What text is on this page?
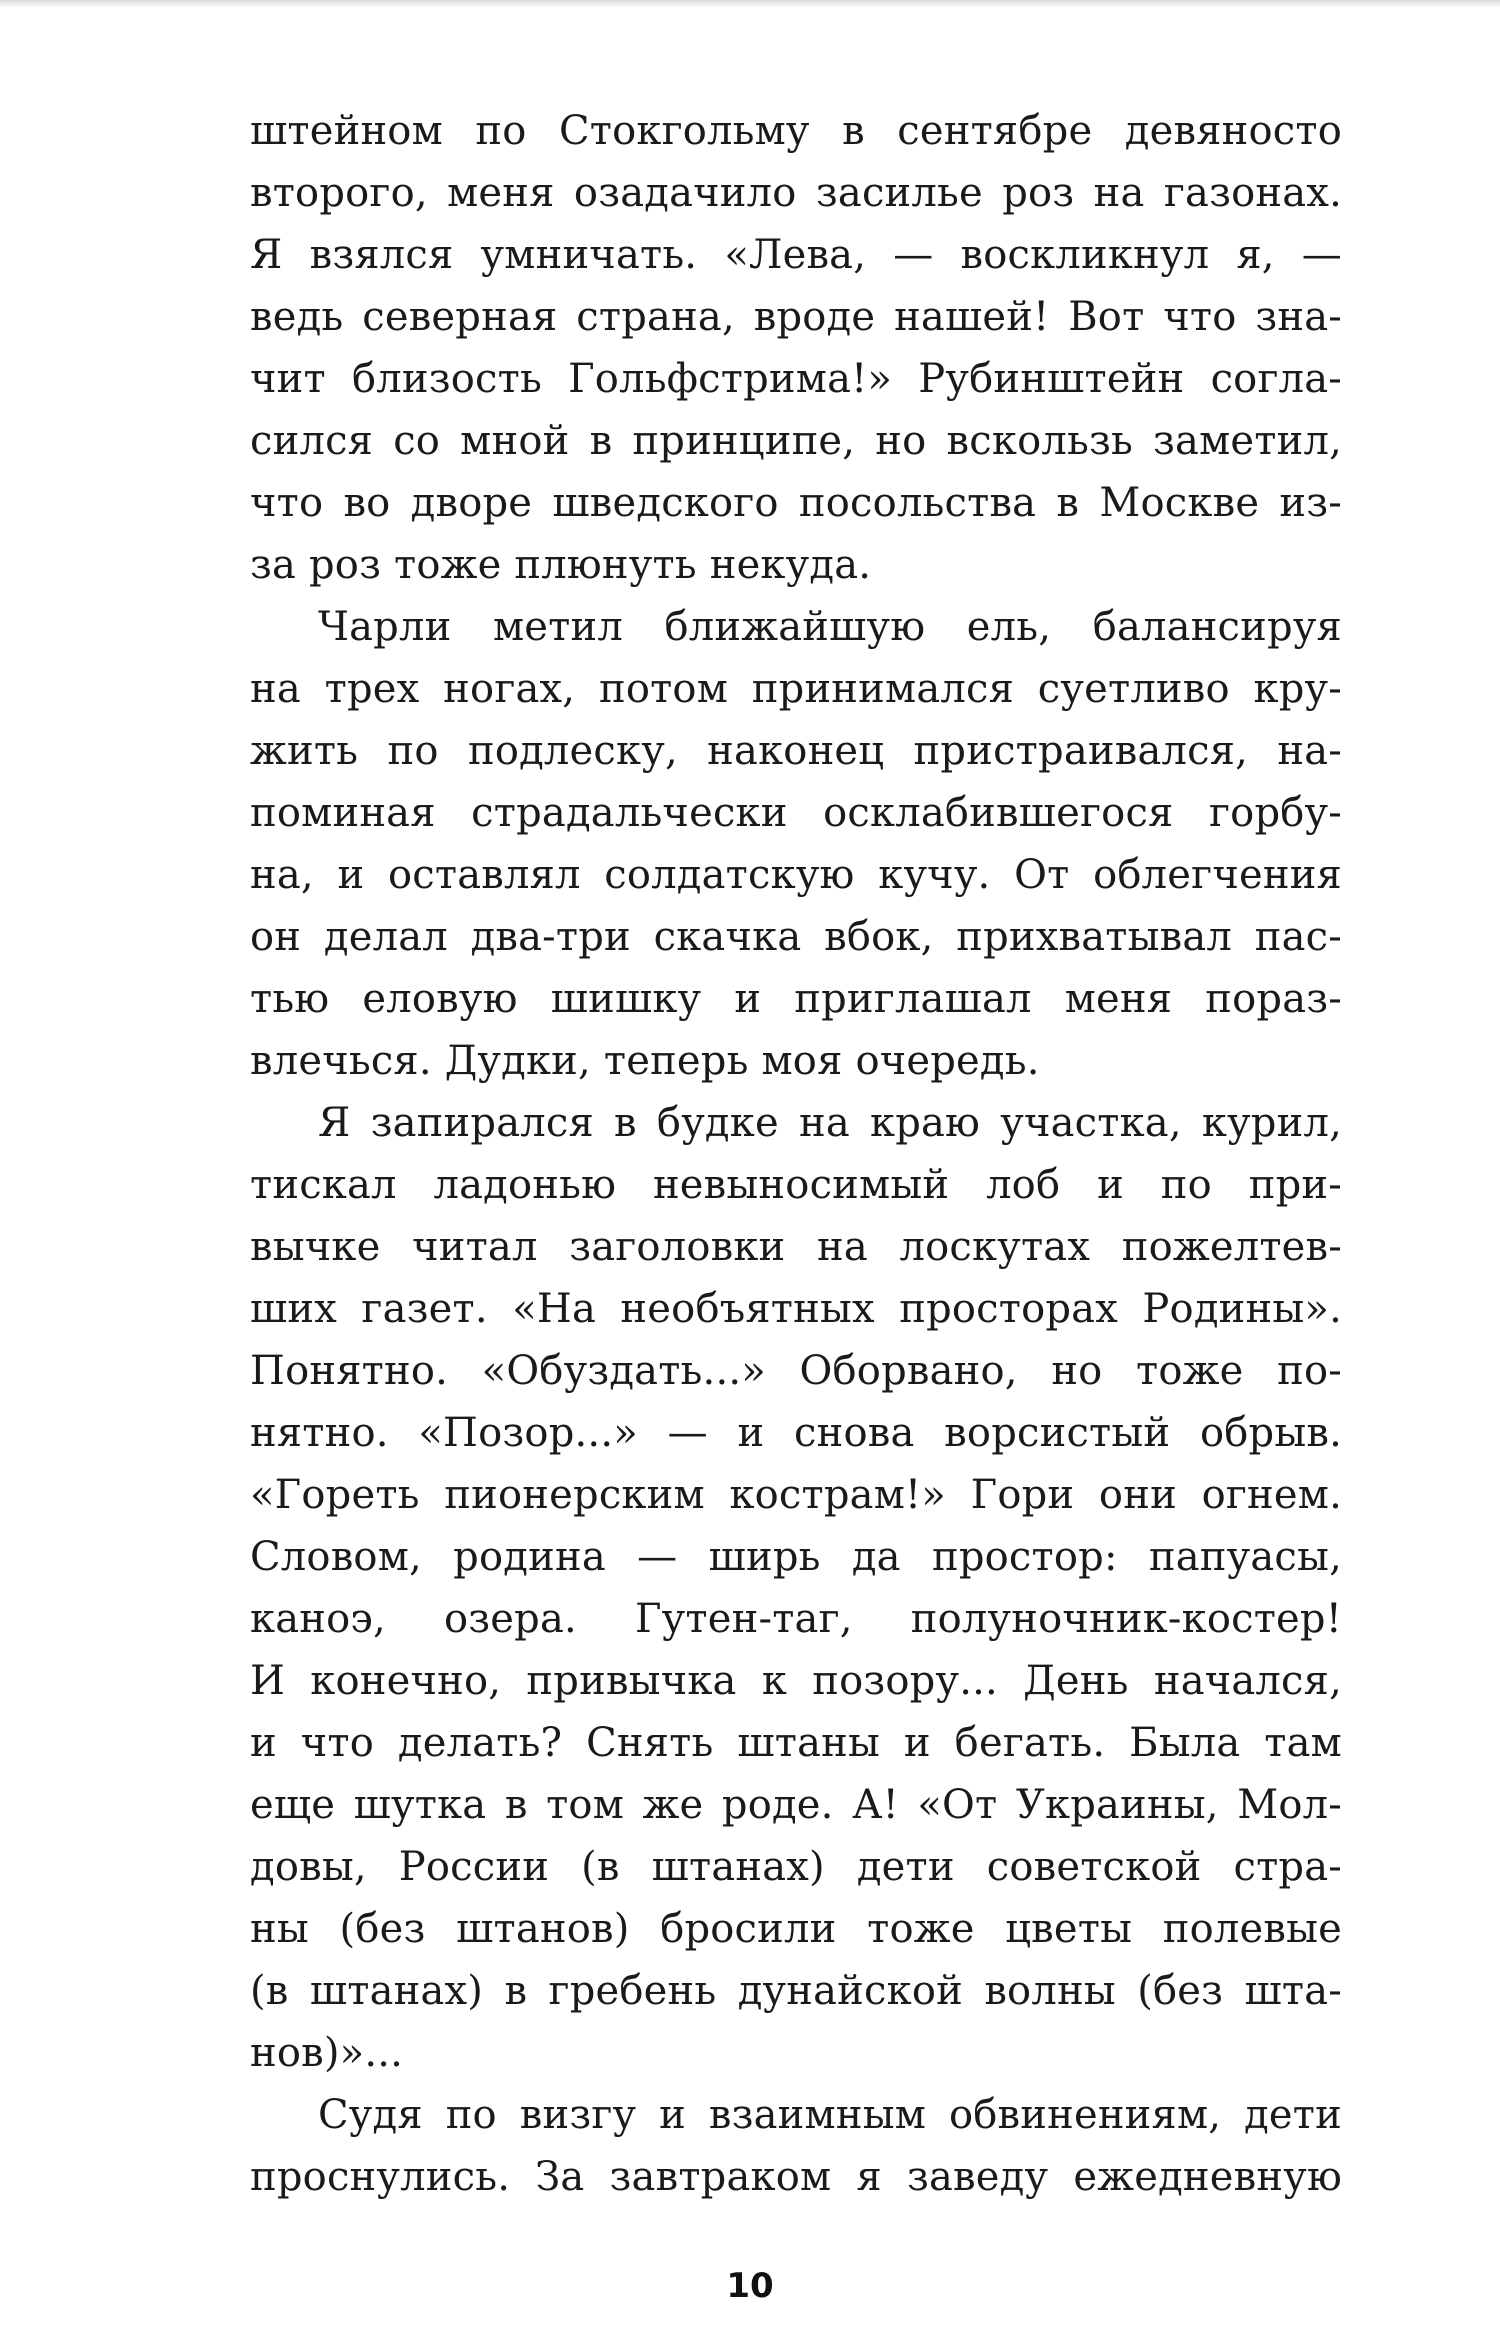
штейном по Стокгольму в сентябре девяносто
второго, меня озадачило засилье роз на газонах.
Я взялся умничать. «Лева, — воскликнул я, —
ведь северная страна, вроде нашей! Вот что зна-
чит близость Гольфстрима!» Рубинштейн согла-
сился со мной в принципе, но вскользь заметил,
что во дворе шведского посольства в Москве из-
за роз тоже плюнуть некуда.
Чарли метил ближайшую ель, балансируя
на трех ногах, потом принимался суетливо кру-
жить по подлеску, наконец пристраивался, на-
поминая страдальчески осклабившегося горбу-
на, и оставлял солдатскую кучу. От облегчения
он делал два-три скачка вбок, прихватывал пас-
тью еловую шишку и приглашал меня пораз-
влечься. Дудки, теперь моя очередь.
Я запирался в будке на краю участка, курил,
тискал ладонью невыносимый лоб и по при-
вычке читал заголовки на лоскутах пожелтев-
ших газет. «На необъятных просторах Родины».
Понятно. «Обуздать...» Оборвано, но тоже по-
нятно. «Позор...» — и снова ворсистый обрыв.
«Гореть пионерским кострам!» Гори они огнем.
Словом, родина — ширь да простор: папуасы,
каноэ, озера. Гутен-таг, полуночник-костер!
И конечно, привычка к позору... День начался,
и что делать? Снять штаны и бегать. Была там
еще шутка в том же роде. А! «От Украины, Мол-
довы, России (в штанах) дети советской стра-
ны (без штанов) бросили тоже цветы полевые
(в штанах) в гребень дунайской волны (без шта-
нов)»...
Судя по визгу и взаимным обвинениям, дети
проснулись. За завтраком я заведу ежедневную
10
